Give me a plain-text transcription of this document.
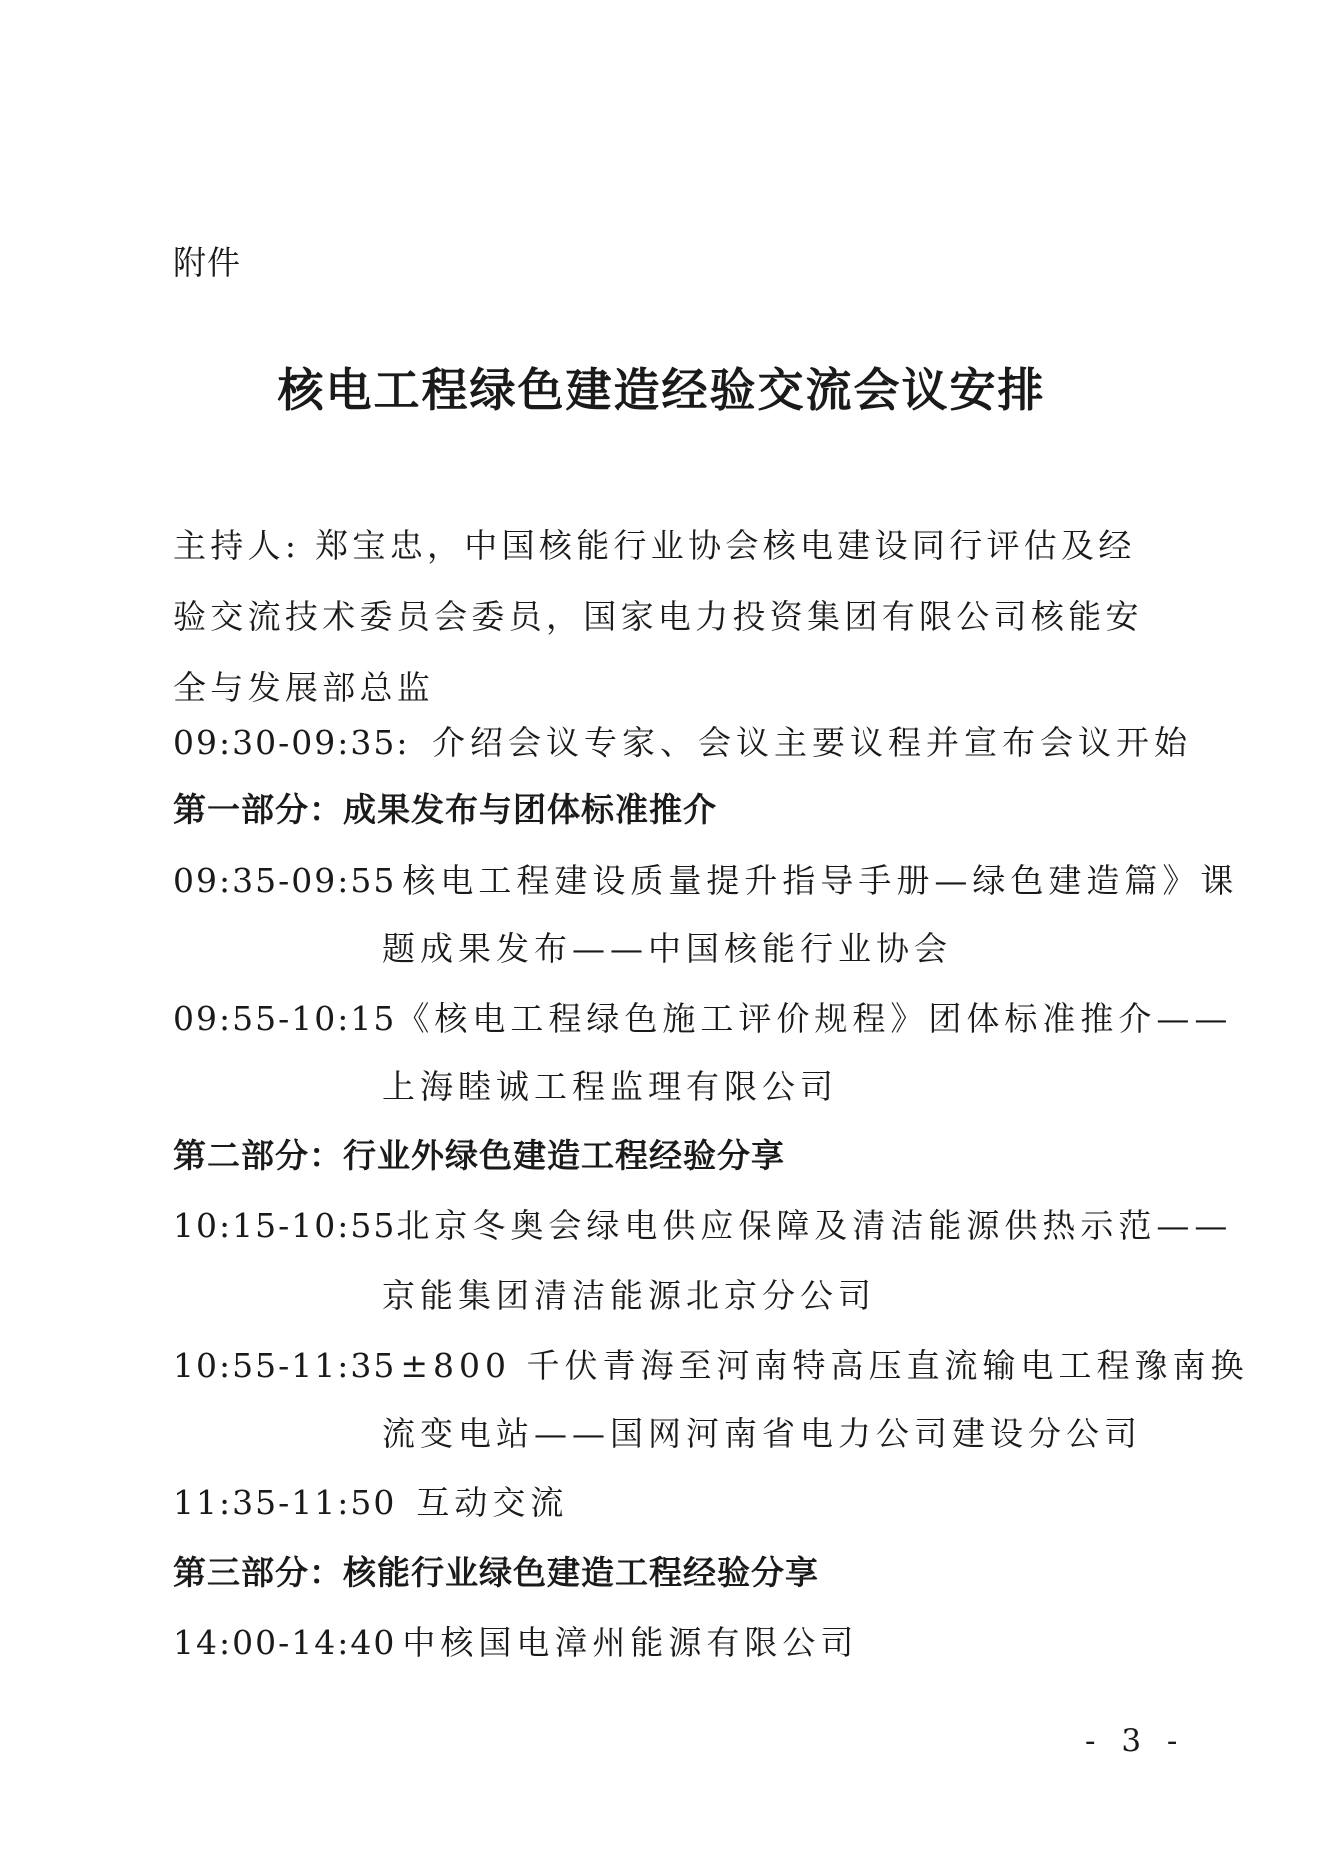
附件
核电工程绿色建造经验交流会议安排
主持人: 郑宝忠，中国核能行业协会核电建设同行评估及经验交流技术委员会委员，国家电力投资集团有限公司核能安全与发展部总监
09:30-09:35: 介绍会议专家、会议主要议程并宣布会议开始
第一部分：成果发布与团体标准推介
09:35-09:55 核电工程建设质量提升指导手册—绿色建造篇》课
题成果发布——中国核能行业协会
09:55-10:15《核电工程绿色施工评价规程》团体标准推介——
上海睦诚工程监理有限公司
第二部分：行业外绿色建造工程经验分享
10:15-10:55北京冬奥会绿电供应保障及清洁能源供热示范——
京能集团清洁能源北京分公司
10:55-11:35 ±800 千伏青海至河南特高压直流输电工程豫南换
流变电站——国网河南省电力公司建设分公司
11:35-11:50 互动交流
第三部分：核能行业绿色建造工程经验分享
14:00-14:40 中核国电漳州能源有限公司
- 3 -
